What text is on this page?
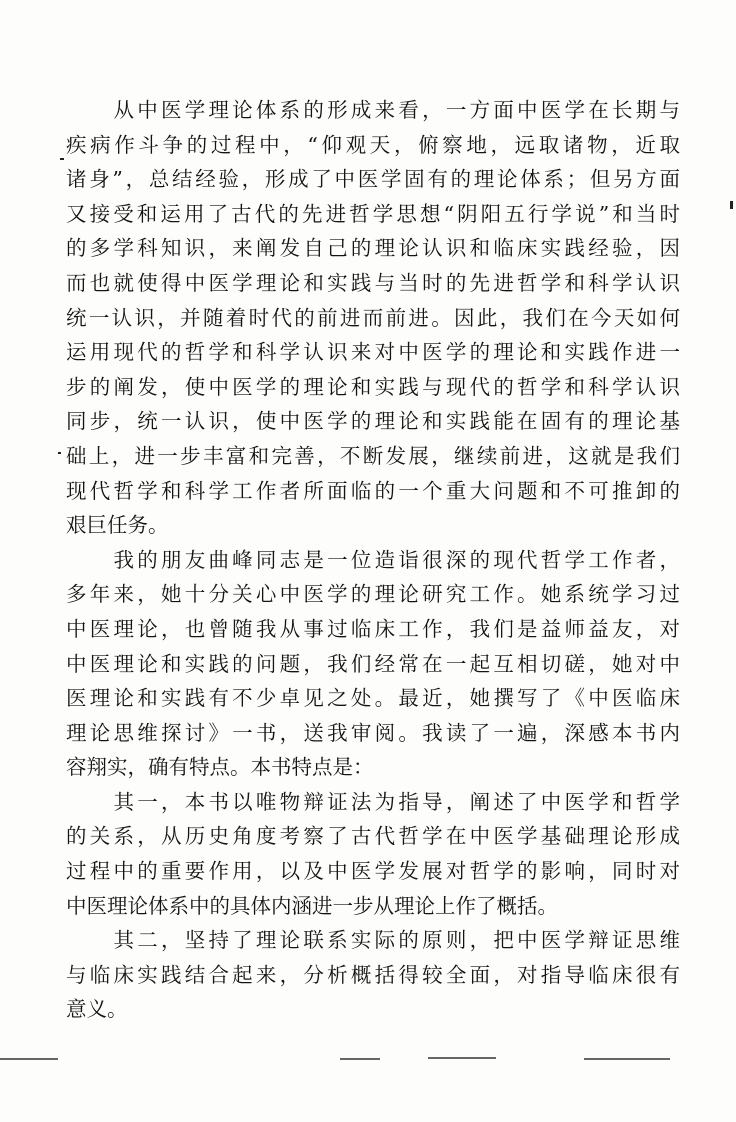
　　从中医学理论体系的形成来看，一方面中医学在长期与
疾病作斗争的过程中，“仰观天，俯察地，远取诸物，近取
诸身”，总结经验，形成了中医学固有的理论体系；但另方面
又接受和运用了古代的先进哲学思想“阴阳五行学说”和当时
的多学科知识，来阐发自己的理论认识和临床实践经验，因
而也就使得中医学理论和实践与当时的先进哲学和科学认识
统一认识，并随着时代的前进而前进。因此，我们在今天如何
运用现代的哲学和科学认识来对中医学的理论和实践作进一
步的阐发，使中医学的理论和实践与现代的哲学和科学认识
同步，统一认识，使中医学的理论和实践能在固有的理论基
础上，进一步丰富和完善，不断发展，继续前进，这就是我们
现代哲学和科学工作者所面临的一个重大问题和不可推卸的
艰巨任务。
　　我的朋友曲峰同志是一位造诣很深的现代哲学工作者，
多年来，她十分关心中医学的理论研究工作。她系统学习过
中医理论，也曾随我从事过临床工作，我们是益师益友，对
中医理论和实践的问题，我们经常在一起互相切磋，她对中
医理论和实践有不少卓见之处。最近，她撰写了《中医临床
理论思维探讨》一书，送我审阅。我读了一遍，深感本书内
容翔实，确有特点。本书特点是：
　　其一，本书以唯物辩证法为指导，阐述了中医学和哲学
的关系，从历史角度考察了古代哲学在中医学基础理论形成
过程中的重要作用，以及中医学发展对哲学的影响，同时对
中医理论体系中的具体内涵进一步从理论上作了概括。
　　其二，坚持了理论联系实际的原则，把中医学辩证思维
与临床实践结合起来，分析概括得较全面，对指导临床很有
意义。
